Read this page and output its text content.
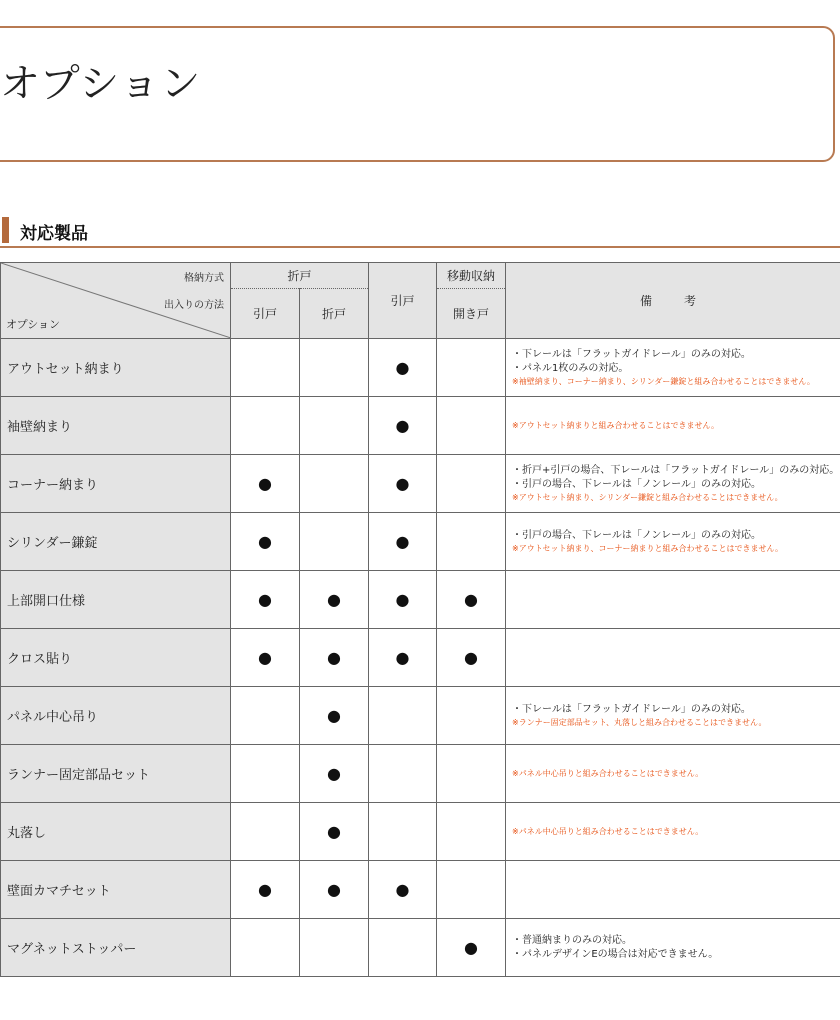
オプション
対応製品
格納方式
出入りの方法
オプション	折戸		引戸	移動収納	備　考
	引戸	折戸		開き戸	
アウトセット納まり			●		・下レールは「フラットガイドレール」のみの対応。
・パネル1枚のみの対応。
※袖壁納まり、コーナー納まり、シリンダー鎌錠と組み合わせることはできません。

袖壁納まり			●		※アウトセット納まりと組み合わせることはできません。

コーナー納まり	●		●		・折戸+引戸の場合、下レールは「フラットガイドレール」のみの対応。
・引戸の場合、下レールは「ノンレール」のみの対応。
※アウトセット納まり、シリンダー鎌錠と組み合わせることはできません。

シリンダー鎌錠	●		●		・引戸の場合、下レールは「ノンレール」のみの対応。
※アウトセット納まり、コーナー納まりと組み合わせることはできません。

上部開口仕様	●	●	●	●	
クロス貼り	●	●	●	●	
パネル中心吊り		●			・下レールは「フラットガイドレール」のみの対応。
※ランナー固定部品セット、丸落しと組み合わせることはできません。

ランナー固定部品セット		●			※パネル中心吊りと組み合わせることはできません。

丸落し		●			※パネル中心吊りと組み合わせることはできません。

壁面カマチセット	●	●	●		
マグネットストッパー				●	・普通納まりのみの対応。
・パネルデザインEの場合は対応できません。
